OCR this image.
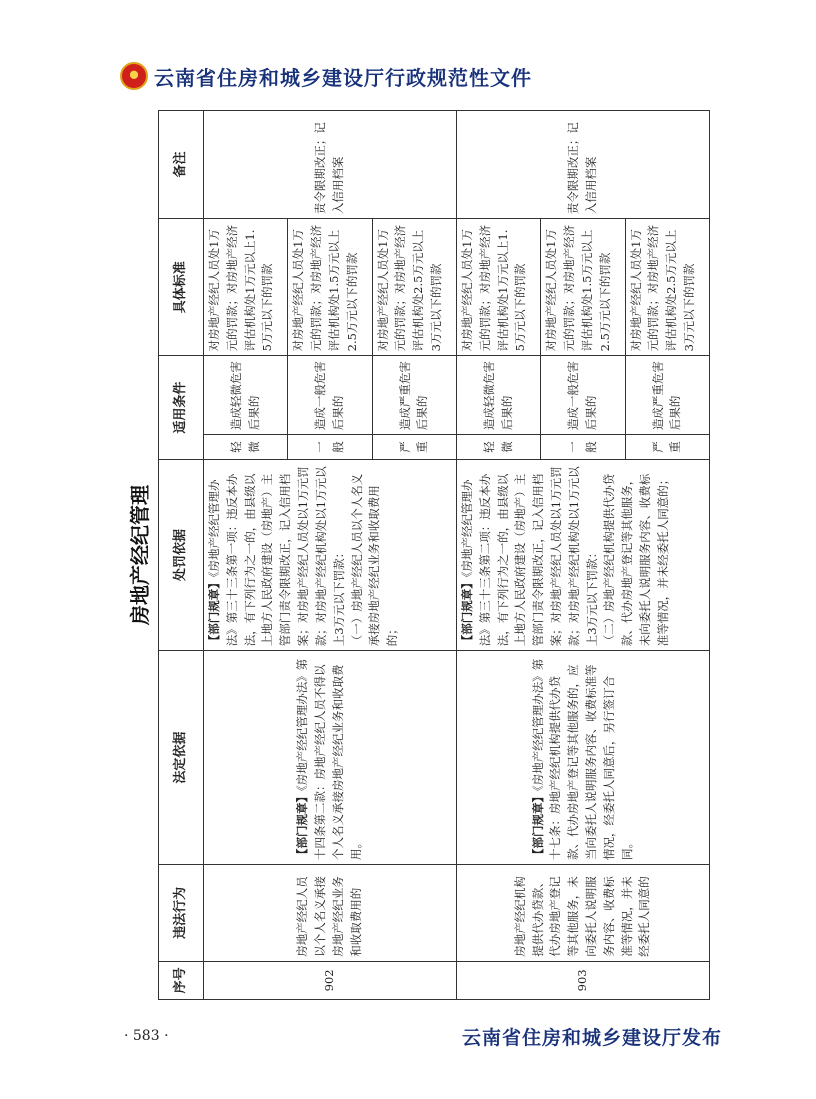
云南省住房和城乡建设厅行政规范性文件
房地产经纪管理
序号	违法行为	法定依据	处罚依据	适用条件		具体标准	备注
902	房地产经纪人员以个人名义承接房地产经纪业务和收取费用的	【部门规章】《房地产经纪管理办法》第十四条第二款：房地产经纪人员不得以个人名义承接房地产经纪业务和收取费用。	【部门规章】《房地产经纪管理办法》第三十三条第一项：违反本办法，有下列行为之一的，由县级以上地方人民政府建设（房地产）主管部门责令限期改正，记入信用档案；对房地产经纪人员处以1万元罚款；对房地产经纪机构处以1万元以上3万元以下罚款： （一）房地产经纪人员以个人名义承接房地产经纪业务和收取费用的；	轻微	造成轻微危害后果的	对房地产经纪人员处1万元的罚款；对房地产经济评估机构处1万元以上1.5万元以下的罚款	责令限期改正；记入信用档案
				一般	造成一般危害后果的	对房地产经纪人员处1万元的罚款；对房地产经济评估机构处1.5万元以上2.5万元以下的罚款	
				严重	造成严重危害后果的	对房地产经纪人员处1万元的罚款；对房地产经济评估机构处2.5万元以上3万元以下的罚款	
903	房地产经纪机构提供代办贷款、代办房地产登记等其他服务，未向委托人说明服务内容、收费标准等情况，并未经委托人同意的	【部门规章】《房地产经纪管理办法》第十七条：房地产经纪机构提供代办贷款、代办房地产登记等其他服务的，应当向委托人说明服务内容、收费标准等情况，经委托人同意后，另行签订合同。	【部门规章】《房地产经纪管理办法》第三十三条第二项：违反本办法，有下列行为之一的，由县级以上地方人民政府建设（房地产）主管部门责令限期改正，记入信用档案；对房地产经纪人员处以1万元罚款；对房地产经纪机构处以1万元以上3万元以下罚款： （二）房地产经纪机构提供代办贷款、代办房地产登记等其他服务，未向委托人说明服务内容、收费标准等情况，并未经委托人同意的；	轻微	造成轻微危害后果的	对房地产经纪人员处1万元的罚款；对房地产经济评估机构处1万元以上1.5万元以下的罚款	责令限期改正；记入信用档案
				一般	造成一般危害后果的	对房地产经纪人员处1万元的罚款；对房地产经济评估机构处1.5万元以上2.5万元以下的罚款	
				严重	造成严重危害后果的	对房地产经纪人员处1万元的罚款；对房地产经济评估机构处2.5万元以上3万元以下的罚款	
· 583 ·	云南省住房和城乡建设厅发布
